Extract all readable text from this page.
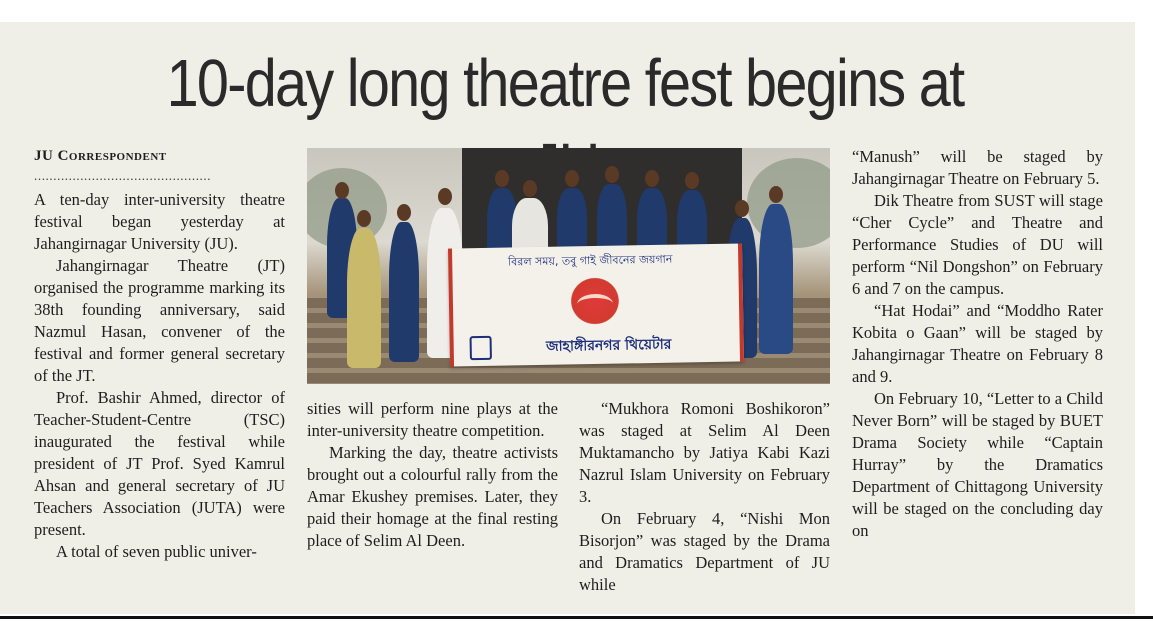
10-day long theatre fest begins at
JU Correspondent
..............................................

A ten-day inter-university theatre festival began yesterday at Jahangirnagar University (JU).

Jahangirnagar Theatre (JT) organised the programme marking its 38th founding anniversary, said Nazmul Hasan, convener of the festival and former general secretary of the JT.

Prof. Bashir Ahmed, director of Teacher-Student-Centre (TSC) inaugurated the festival while president of JT Prof. Syed Kamrul Ahsan and general secretary of JU Teachers Association (JUTA) were present.

A total of seven public univer-

বিরল সময়, তবু গাই জীবনের জয়গান
জাহাঙ্গীরনগর থিয়েটার

sities will perform nine plays at the inter-university theatre competition.

Marking the day, theatre activists brought out a colourful rally from the Amar Ekushey premises. Later, they paid their homage at the final resting place of Selim Al Deen.

“Mukhora Romoni Boshikoron” was staged at Selim Al Deen Muktamancho by Jatiya Kabi Kazi Nazrul Islam University on February 3.

On February 4, “Nishi Mon Bisorjon” was staged by the Drama and Dramatics Department of JU while

“Manush” will be staged by Jahangirnagar Theatre on February 5.

Dik Theatre from SUST will stage “Cher Cycle” and Theatre and Performance Studies of DU will perform “Nil Dongshon” on February 6 and 7 on the campus.

“Hat Hodai” and “Moddho Rater Kobita o Gaan” will be staged by Jahangirnagar Theatre on February 8 and 9.

On February 10, “Letter to a Child Never Born” will be staged by BUET Drama Society while “Captain Hurray” by the Dramatics Department of Chittagong University will be staged on the concluding day on
